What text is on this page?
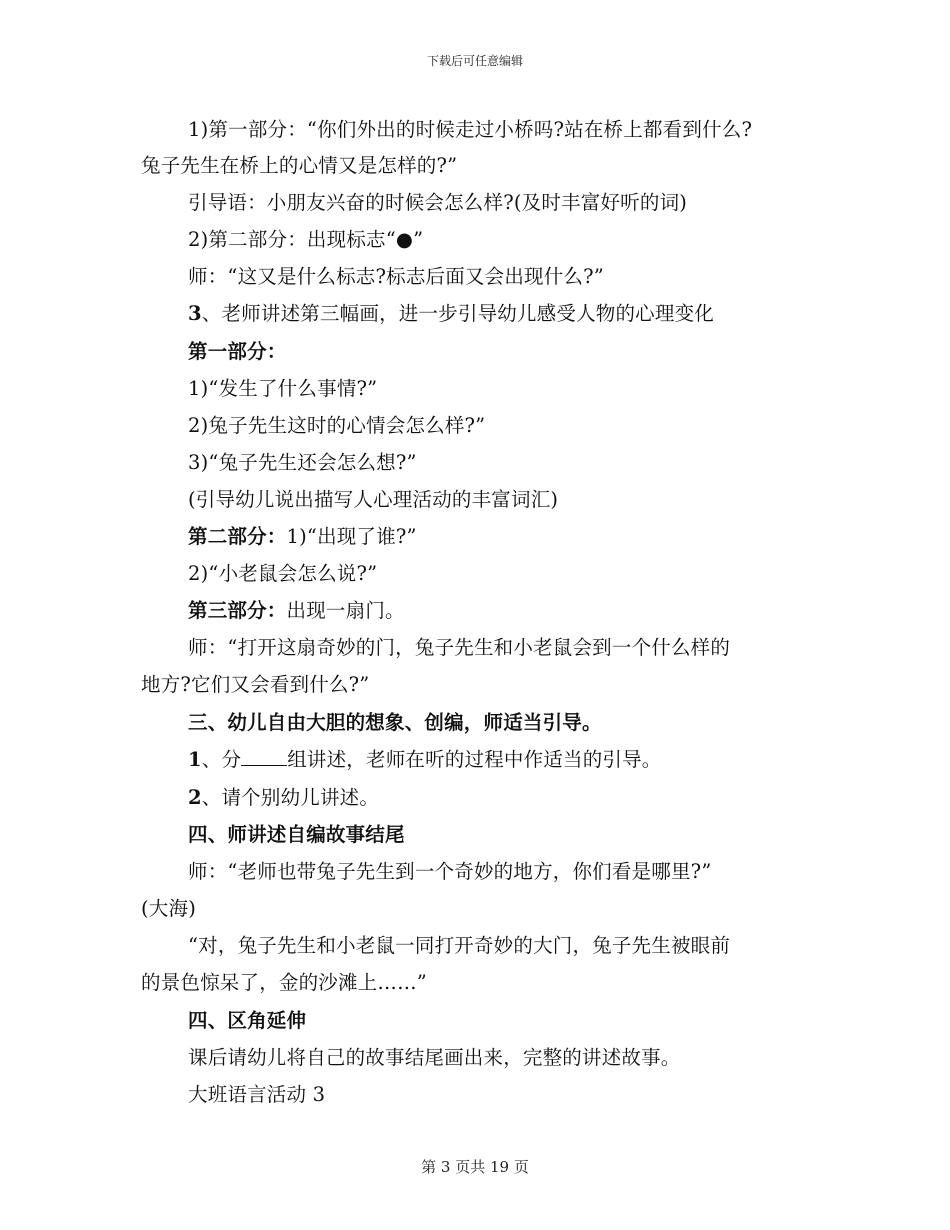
下载后可任意编辑
1)第一部分：“你们外出的时候走过小桥吗?站在桥上都看到什么?
兔子先生在桥上的心情又是怎样的?”
引导语：小朋友兴奋的时候会怎么样?(及时丰富好听的词)
2)第二部分：出现标志“●”
师：“这又是什么标志?标志后面又会出现什么?”
3、老师讲述第三幅画，进一步引导幼儿感受人物的心理变化
第一部分：
1)“发生了什么事情?”
2)兔子先生这时的心情会怎么样?”
3)“兔子先生还会怎么想?”
(引导幼儿说出描写人心理活动的丰富词汇)
第二部分：1)“出现了谁?”
2)“小老鼠会怎么说?”
第三部分：出现一扇门。
师：“打开这扇奇妙的门，兔子先生和小老鼠会到一个什么样的
地方?它们又会看到什么?”
三、幼儿自由大胆的想象、创编，师适当引导。
1、分 组讲述，老师在听的过程中作适当的引导。
2、请个别幼儿讲述。
四、师讲述自编故事结尾
师：“老师也带兔子先生到一个奇妙的地方，你们看是哪里?”
(大海)
“对，兔子先生和小老鼠一同打开奇妙的大门，兔子先生被眼前
的景色惊呆了，金的沙滩上……”
四、区角延伸
课后请幼儿将自己的故事结尾画出来，完整的讲述故事。
大班语言活动 3
第 3 页共 19 页
